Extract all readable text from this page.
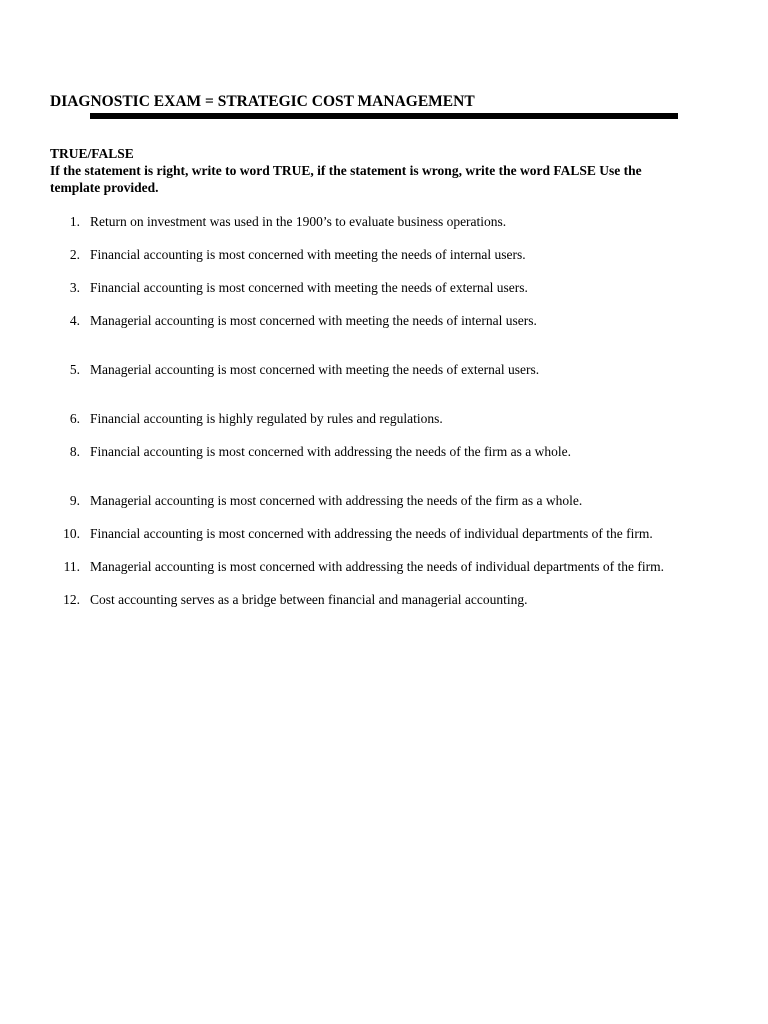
DIAGNOSTIC EXAM = STRATEGIC COST MANAGEMENT
TRUE/FALSE
If the statement is right, write to word TRUE, if the statement is wrong, write the word FALSE Use the template provided.
1. Return on investment was used in the 1900’s to evaluate business operations.
2. Financial accounting is most concerned with meeting the needs of internal users.
3. Financial accounting is most concerned with meeting the needs of external users.
4. Managerial accounting is most concerned with meeting the needs of internal users.
5. Managerial accounting is most concerned with meeting the needs of external users.
6. Financial accounting is highly regulated by rules and regulations.
8. Financial accounting is most concerned with addressing the needs of the firm as a whole.
9. Managerial accounting is most concerned with addressing the needs of the firm as a whole.
10. Financial accounting is most concerned with addressing the needs of individual departments of the firm.
11. Managerial accounting is most concerned with addressing the needs of individual departments of the firm.
12. Cost accounting serves as a bridge between financial and managerial accounting.
